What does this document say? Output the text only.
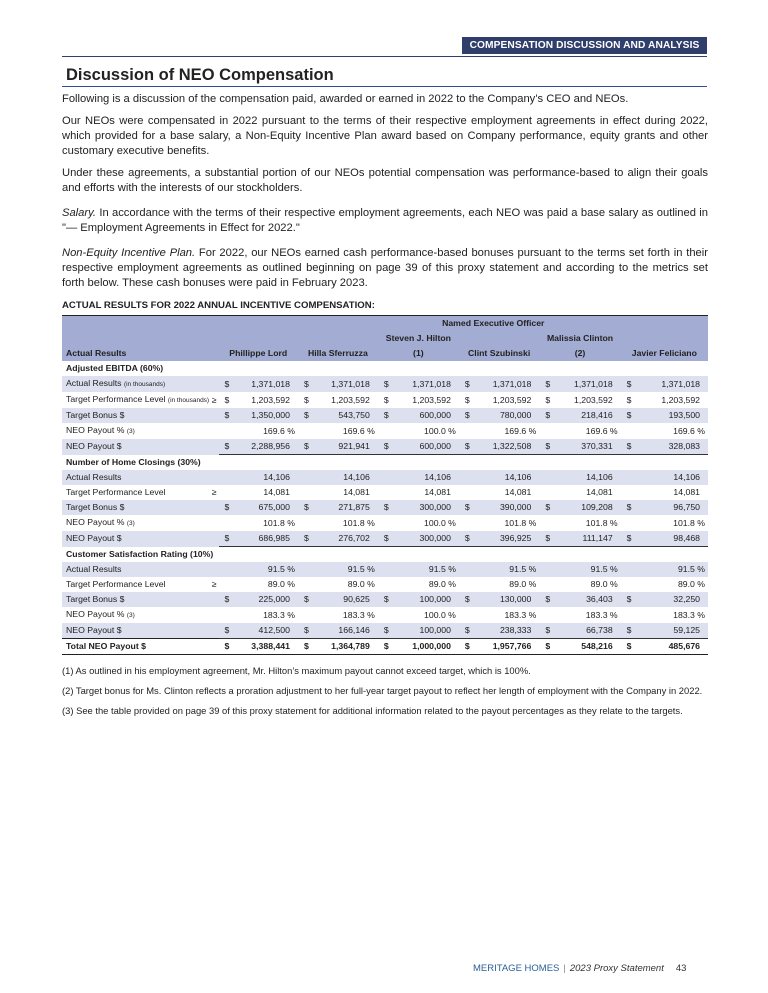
COMPENSATION DISCUSSION AND ANALYSIS
Discussion of NEO Compensation

Following is a discussion of the compensation paid, awarded or earned in 2022 to the Company’s CEO and NEOs.

Our NEOs were compensated in 2022 pursuant to the terms of their respective employment agreements in effect during 2022, which provided for a base salary, a Non-Equity Incentive Plan award based on Company performance, equity grants and other customary executive benefits.

Under these agreements, a substantial portion of our NEOs potential compensation was performance-based to align their goals and efforts with the interests of our stockholders.

Salary. In accordance with the terms of their respective employment agreements, each NEO was paid a base salary as outlined in "— Employment Agreements in Effect for 2022."

Non-Equity Incentive Plan. For 2022, our NEOs earned cash performance-based bonuses pursuant to the terms set forth in their respective employment agreements as outlined beginning on page 39 of this proxy statement and according to the metrics set forth below. These cash bonuses were paid in February 2023.

ACTUAL RESULTS FOR 2022 ANNUAL INCENTIVE COMPENSATION:
		Named Executive Officer											
						Steven J. Hilton				Malissia Clinton			
Actual Results		Phillippe Lord		Hilla Sferruzza		(1)		Clint Szubinski		(2)		Javier Feliciano	
Adjusted EBITDA (60%)													
Actual Results (in thousands)		$	1,371,018	$	1,371,018	$	1,371,018	$	1,371,018	$	1,371,018	$	1,371,018
Target Performance Level (in thousands)	≥	$	1,203,592	$	1,203,592	$	1,203,592	$	1,203,592	$	1,203,592	$	1,203,592
Target Bonus $		$	1,350,000	$	543,750	$	600,000	$	780,000	$	218,416	$	193,500
NEO Payout % (3)			169.6 %		169.6 %		100.0 %		169.6 %		169.6 %		169.6 %
NEO Payout $		$	2,288,956	$	921,941	$	600,000	$	1,322,508	$	370,331	$	328,083
Number of Home Closings (30%)													
Actual Results			14,106		14,106		14,106		14,106		14,106		14,106
Target Performance Level	≥		14,081		14,081		14,081		14,081		14,081		14,081
Target Bonus $		$	675,000	$	271,875	$	300,000	$	390,000	$	109,208	$	96,750
NEO Payout % (3)			101.8 %		101.8 %		100.0 %		101.8 %		101.8 %		101.8 %
NEO Payout $		$	686,985	$	276,702	$	300,000	$	396,925	$	111,147	$	98,468
Customer Satisfaction Rating (10%)													
Actual Results			91.5 %		91.5 %		91.5 %		91.5 %		91.5 %		91.5 %
Target Performance Level	≥		89.0 %		89.0 %		89.0 %		89.0 %		89.0 %		89.0 %
Target Bonus $		$	225,000	$	90,625	$	100,000	$	130,000	$	36,403	$	32,250
NEO Payout % (3)			183.3 %		183.3 %		100.0 %		183.3 %		183.3 %		183.3 %
NEO Payout $		$	412,500	$	166,146	$	100,000	$	238,333	$	66,738	$	59,125
Total NEO Payout $		$	3,388,441	$	1,364,789	$	1,000,000	$	1,957,766	$	548,216	$	485,676
(1) As outlined in his employment agreement, Mr. Hilton’s maximum payout cannot exceed target, which is 100%.
(2) Target bonus for Ms. Clinton reflects a proration adjustment to her full-year target payout to reflect her length of employment with the Company in 2022.
(3) See the table provided on page 39 of this proxy statement for additional information related to the payout percentages as they relate to the targets.
MERITAGE HOMES | 2023 Proxy Statement 43
